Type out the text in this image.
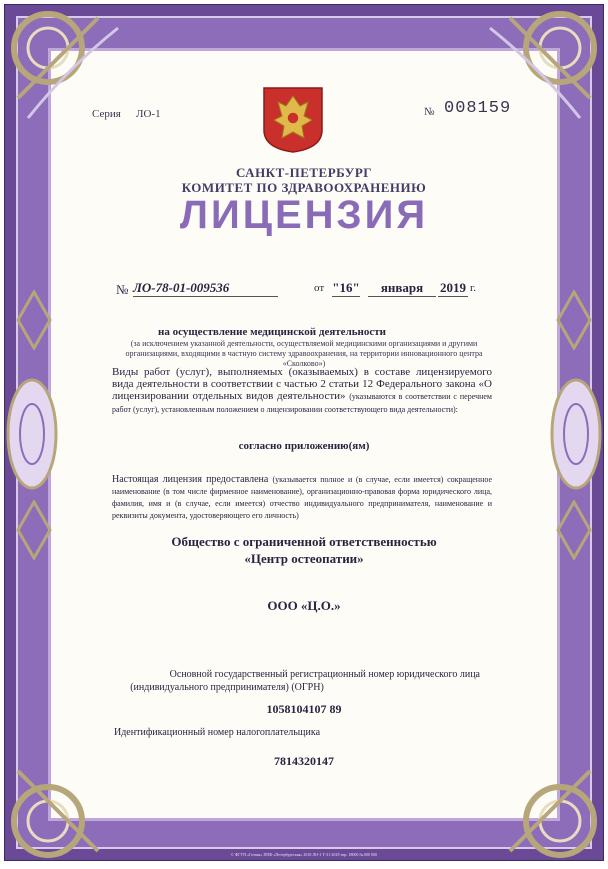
Серия ЛО-1	№ 008159
САНКТ-ПЕТЕРБУРГ
КОМИТЕТ ПО ЗДРАВООХРАНЕНИЮ
ЛИЦЕНЗИЯ
№ ЛО-78-01-009536	от "16"	января	2019 г.
на осуществление медицинской деятельности
(за исключением указанной деятельности, осуществляемой медицинскими организациями и другими организациями, входящими в частную систему здравоохранения, на территории инновационного центра «Сколково»)
Виды работ (услуг), выполняемых (оказываемых) в составе лицензируемого вида деятельности в соответствии с частью 2 статьи 12 Федерального закона «О лицензировании отдельных видов деятельности» (указываются в соответствии с перечнем работ (услуг), установленным положением о лицензировании соответствующего вида деятельности):
согласно приложению(ям)
Настоящая лицензия предоставлена (указывается полное и (в случае, если имеется) сокращенное наименование (в том числе фирменное наименование), организационно-правовая форма юридического лица, фамилия, имя и (в случае, если имеется) отчество индивидуального предпринимателя, наименование и реквизиты документа, удостоверяющего его личность)
Общество с ограниченной ответственностью
«Центр остеопатии»
ООО «Ц.О.»
Основной государственный регистрационный номер юридического лица
(индивидуального предпринимателя) (ОГРН)
1058104107 89
Идентификационный номер налогоплательщика
7814320147
© ФГУП «Гознак» ППФ «Петербургская» 2018 ЛО-1 Т-31-2018 тир. 18000 № 000 000
